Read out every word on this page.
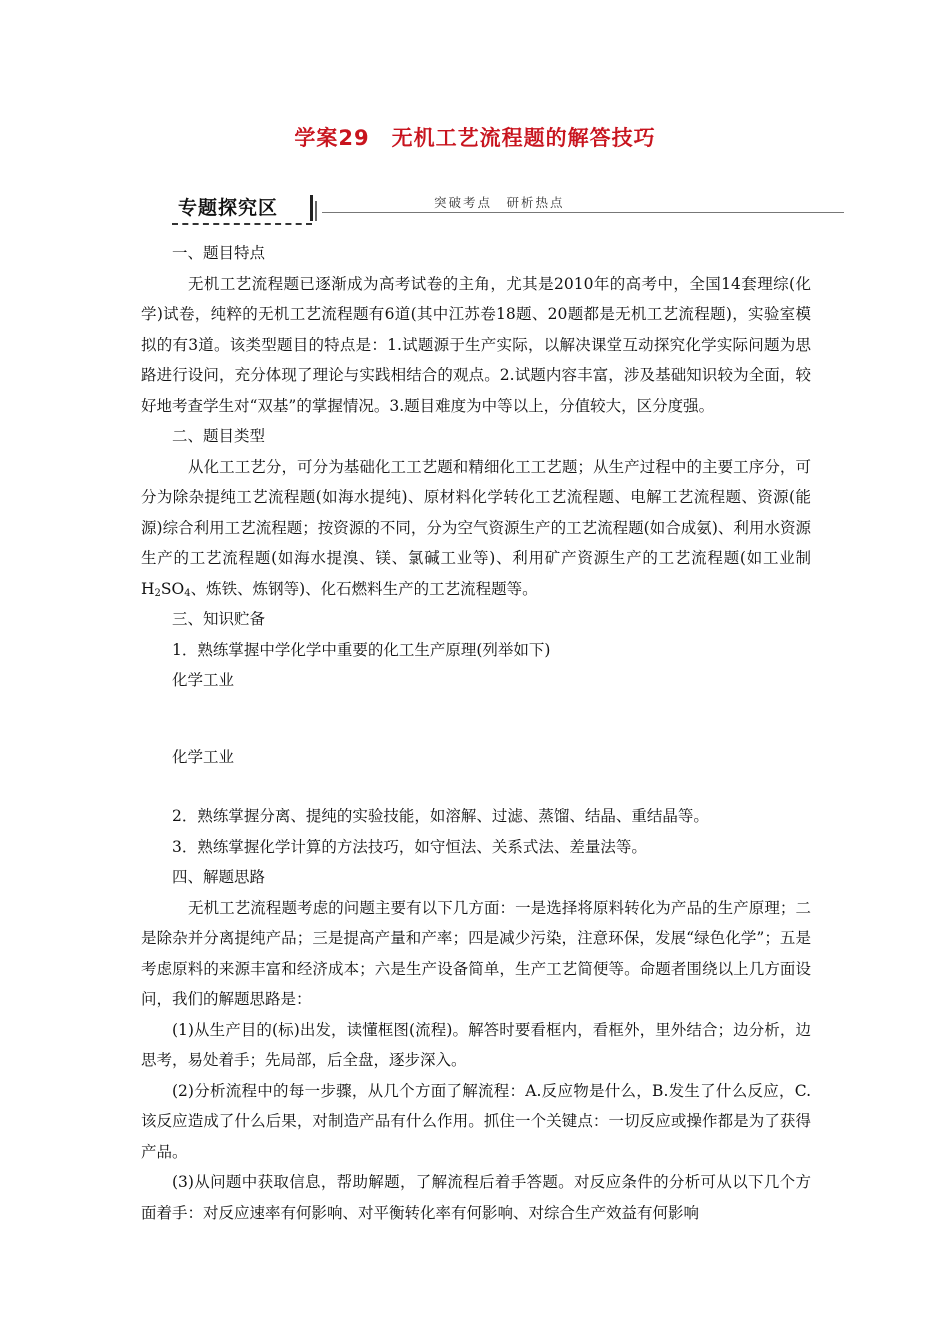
学案29　无机工艺流程题的解答技巧
专题探究区	突破考点　研析热点

一、题目特点

无机工艺流程题已逐渐成为高考试卷的主角，尤其是2010年的高考中，全国14套理综(化学)试卷，纯粹的无机工艺流程题有6道(其中江苏卷18题、20题都是无机工艺流程题)，实验室模拟的有3道。该类型题目的特点是：1.试题源于生产实际，以解决课堂互动探究化学实际问题为思路进行设问，充分体现了理论与实践相结合的观点。2.试题内容丰富，涉及基础知识较为全面，较好地考查学生对“双基”的掌握情况。3.题目难度为中等以上，分值较大，区分度强。

二、题目类型

从化工工艺分，可分为基础化工工艺题和精细化工工艺题；从生产过程中的主要工序分，可分为除杂提纯工艺流程题(如海水提纯)、原材料化学转化工艺流程题、电解工艺流程题、资源(能源)综合利用工艺流程题；按资源的不同，分为空气资源生产的工艺流程题(如合成氨)、利用水资源生产的工艺流程题(如海水提溴、镁、氯碱工业等)、利用矿产资源生产的工艺流程题(如工业制$H_2SO_4$、炼铁、炼钢等)、化石燃料生产的工艺流程题等。

三、知识贮备

1．熟练掌握中学化学中重要的化工生产原理(列举如下)

化学工业

化学工业

2．熟练掌握分离、提纯的实验技能，如溶解、过滤、蒸馏、结晶、重结晶等。

3．熟练掌握化学计算的方法技巧，如守恒法、关系式法、差量法等。

四、解题思路

无机工艺流程题考虑的问题主要有以下几方面：一是选择将原料转化为产品的生产原理；二是除杂并分离提纯产品；三是提高产量和产率；四是减少污染，注意环保，发展“绿色化学”；五是考虑原料的来源丰富和经济成本；六是生产设备简单，生产工艺简便等。命题者围绕以上几方面设问，我们的解题思路是：

(1)从生产目的(标)出发，读懂框图(流程)。解答时要看框内，看框外，里外结合；边分析，边思考，易处着手；先局部，后全盘，逐步深入。

(2)分析流程中的每一步骤，从几个方面了解流程：A.反应物是什么，B.发生了什么反应，C.该反应造成了什么后果，对制造产品有什么作用。抓住一个关键点：一切反应或操作都是为了获得产品。

(3)从问题中获取信息，帮助解题，了解流程后着手答题。对反应条件的分析可从以下几个方面着手：对反应速率有何影响、对平衡转化率有何影响、对综合生产效益有何影响
